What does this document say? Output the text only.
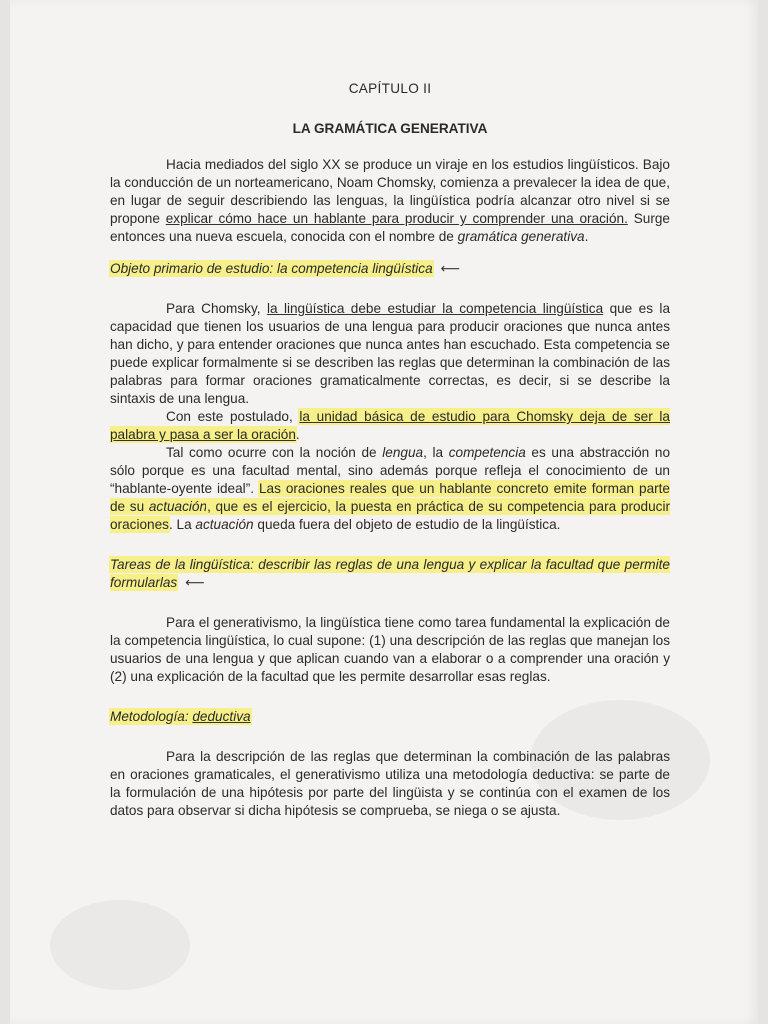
CAPÍTULO II
LA GRAMÁTICA GENERATIVA

Hacia mediados del siglo XX se produce un viraje en los estudios lingüísticos. Bajo la conducción de un norteamericano, Noam Chomsky, comienza a prevalecer la idea de que, en lugar de seguir describiendo las lenguas, la lingüística podría alcanzar otro nivel si se propone explicar cómo hace un hablante para producir y comprender una oración. Surge entonces una nueva escuela, conocida con el nombre de gramática generativa.

Objeto primario de estudio: la competencia lingüística ⟵

Para Chomsky, la lingüística debe estudiar la competencia lingüística que es la capacidad que tienen los usuarios de una lengua para producir oraciones que nunca antes han dicho, y para entender oraciones que nunca antes han escuchado. Esta competencia se puede explicar formalmente si se describen las reglas que determinan la combinación de las palabras para formar oraciones gramaticalmente correctas, es decir, si se describe la sintaxis de una lengua.

Con este postulado, la unidad básica de estudio para Chomsky deja de ser la palabra y pasa a ser la oración.

Tal como ocurre con la noción de lengua, la competencia es una abstracción no sólo porque es una facultad mental, sino además porque refleja el conocimiento de un “hablante-oyente ideal”. Las oraciones reales que un hablante concreto emite forman parte de su actuación, que es el ejercicio, la puesta en práctica de su competencia para producir oraciones. La actuación queda fuera del objeto de estudio de la lingüística.

Tareas de la lingüística: describir las reglas de una lengua y explicar la facultad que permite formularlas ⟵

Para el generativismo, la lingüística tiene como tarea fundamental la explicación de la competencia lingüística, lo cual supone: (1) una descripción de las reglas que manejan los usuarios de una lengua y que aplican cuando van a elaborar o a comprender una oración y (2) una explicación de la facultad que les permite desarrollar esas reglas.

Metodología: deductiva

Para la descripción de las reglas que determinan la combinación de las palabras en oraciones gramaticales, el generativismo utiliza una metodología deductiva: se parte de la formulación de una hipótesis por parte del lingüista y se continúa con el examen de los datos para observar si dicha hipótesis se comprueba, se niega o se ajusta.
